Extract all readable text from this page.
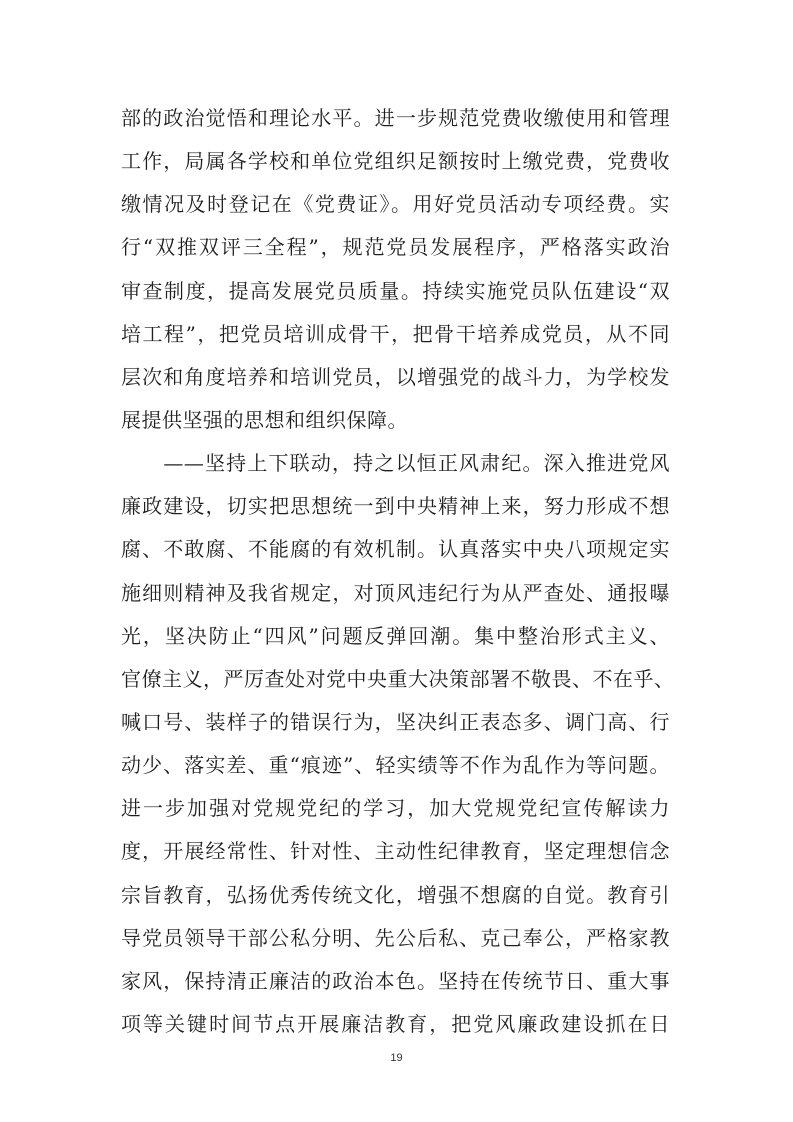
部的政治觉悟和理论水平。进一步规范党费收缴使用和管理
工作，局属各学校和单位党组织足额按时上缴党费，党费收
缴情况及时登记在《党费证》。用好党员活动专项经费。实
行“双推双评三全程”，规范党员发展程序，严格落实政治
审查制度，提高发展党员质量。持续实施党员队伍建设“双
培工程”，把党员培训成骨干，把骨干培养成党员，从不同
层次和角度培养和培训党员，以增强党的战斗力，为学校发
展提供坚强的思想和组织保障。
　　——坚持上下联动，持之以恒正风肃纪。深入推进党风
廉政建设，切实把思想统一到中央精神上来，努力形成不想
腐、不敢腐、不能腐的有效机制。认真落实中央八项规定实
施细则精神及我省规定，对顶风违纪行为从严查处、通报曝
光，坚决防止“四风”问题反弹回潮。集中整治形式主义、
官僚主义，严厉查处对党中央重大决策部署不敬畏、不在乎、
喊口号、装样子的错误行为，坚决纠正表态多、调门高、行
动少、落实差、重“痕迹”、轻实绩等不作为乱作为等问题。
进一步加强对党规党纪的学习，加大党规党纪宣传解读力
度，开展经常性、针对性、主动性纪律教育，坚定理想信念
宗旨教育，弘扬优秀传统文化，增强不想腐的自觉。教育引
导党员领导干部公私分明、先公后私、克己奉公，严格家教
家风，保持清正廉洁的政治本色。坚持在传统节日、重大事
项等关键时间节点开展廉洁教育，把党风廉政建设抓在日
19
